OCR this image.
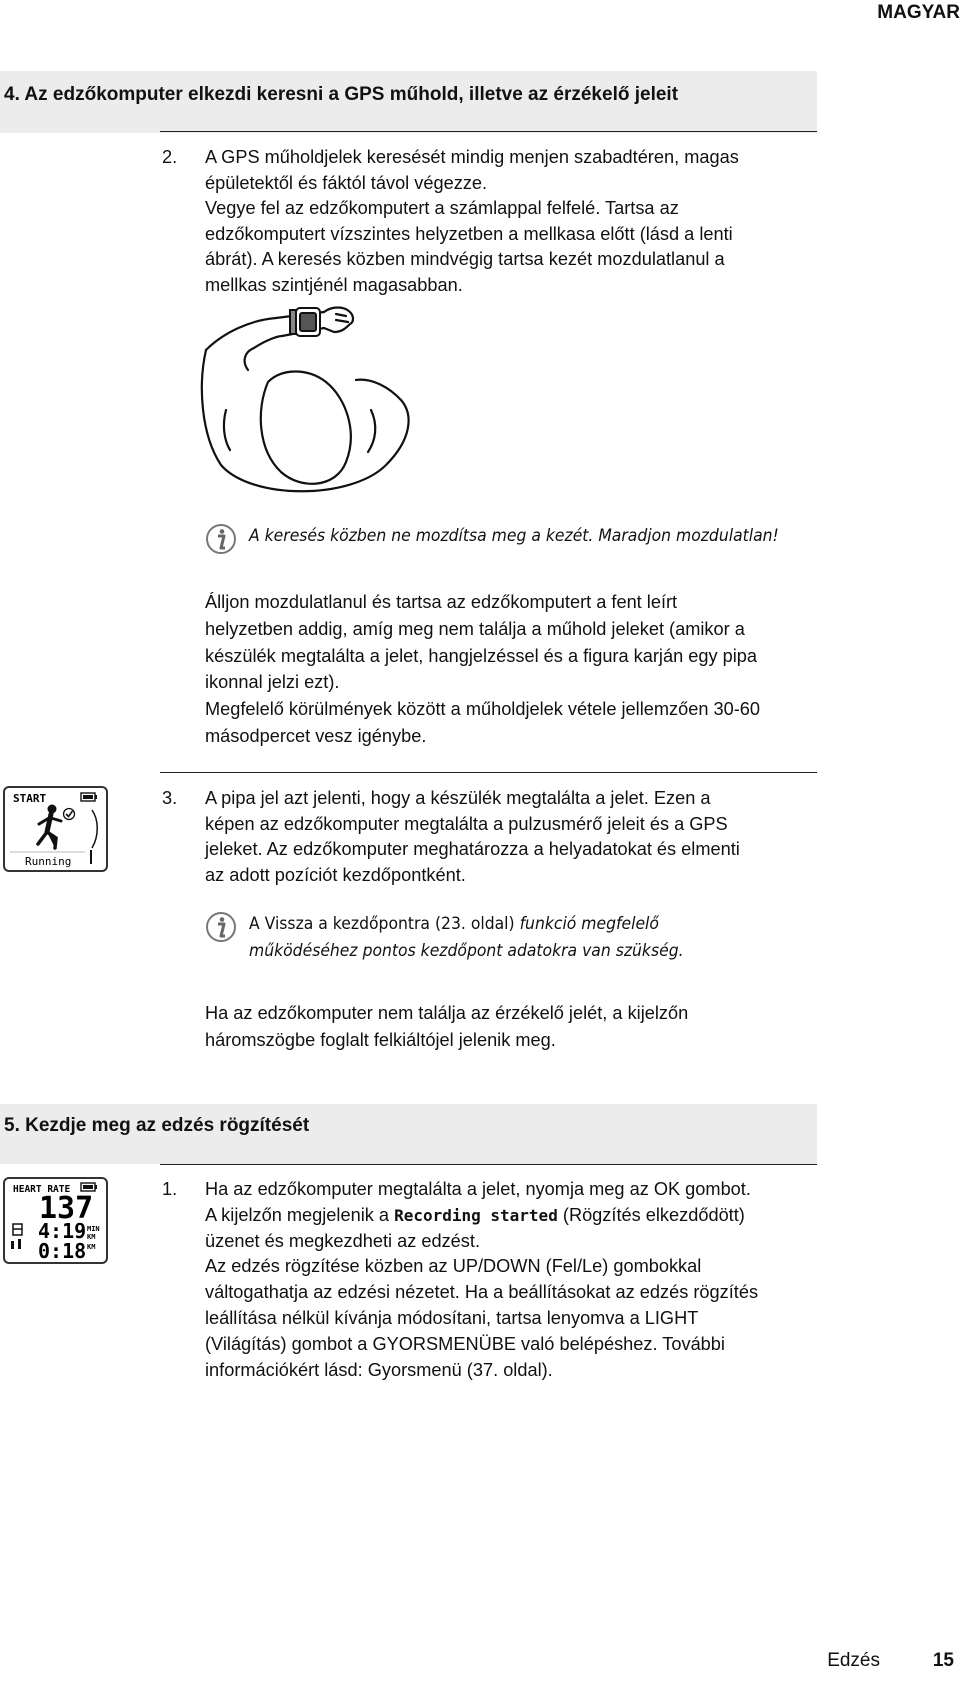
MAGYAR
4. Az edzőkomputer elkezdi keresni a GPS műhold, illetve az érzékelő jeleit
2. A GPS műholdjelek keresését mindig menjen szabadtéren, magas
épületektől és fáktól távol végezze.
Vegye fel az edzőkomputert a számlappal felfelé. Tartsa az
edzőkomputert vízszintes helyzetben a mellkasa előtt (lásd a lenti
ábrát). A keresés közben mindvégig tartsa kezét mozdulatlanul a
mellkas szintjénél magasabban.
A keresés közben ne mozdítsa meg a kezét. Maradjon mozdulatlan!
Álljon mozdulatlanul és tartsa az edzőkomputert a fent leírt
helyzetben addig, amíg meg nem találja a műhold jeleket (amikor a
készülék megtalálta a jelet, hangjelzéssel és a figura karján egy pipa
ikonnal jelzi ezt).
Megfelelő körülmények között a műholdjelek vétele jellemzően 30-60
másodpercet vesz igénybe.
START
Running
3. A pipa jel azt jelenti, hogy a készülék megtalálta a jelet. Ezen a
képen az edzőkomputer megtalálta a pulzusmérő jeleit és a GPS
jeleket. Az edzőkomputer meghatározza a helyadatokat és elmenti
az adott pozíciót kezdőpontként.
A Vissza a kezdőpontra (23. oldal) funkció megfelelő
működéséhez pontos kezdőpont adatokra van szükség.
Ha az edzőkomputer nem találja az érzékelő jelét, a kijelzőn
háromszögbe foglalt felkiáltójel jelenik meg.
5. Kezdje meg az edzés rögzítését
HEART RATE
137
4:19 MIN
KM
0:18 KM
1. Ha az edzőkomputer megtalálta a jelet, nyomja meg az OK gombot.
A kijelzőn megjelenik a Recording started (Rögzítés elkezdődött)
üzenet és megkezdheti az edzést.
Az edzés rögzítése közben az UP/DOWN (Fel/Le) gombokkal
váltogathatja az edzési nézetet. Ha a beállításokat az edzés rögzítés
leállítása nélkül kívánja módosítani, tartsa lenyomva a LIGHT
(Világítás) gombot a GYORSMENÜBE való belépéshez. További
információkért lásd: Gyorsmenü (37. oldal).
Edzés	15
